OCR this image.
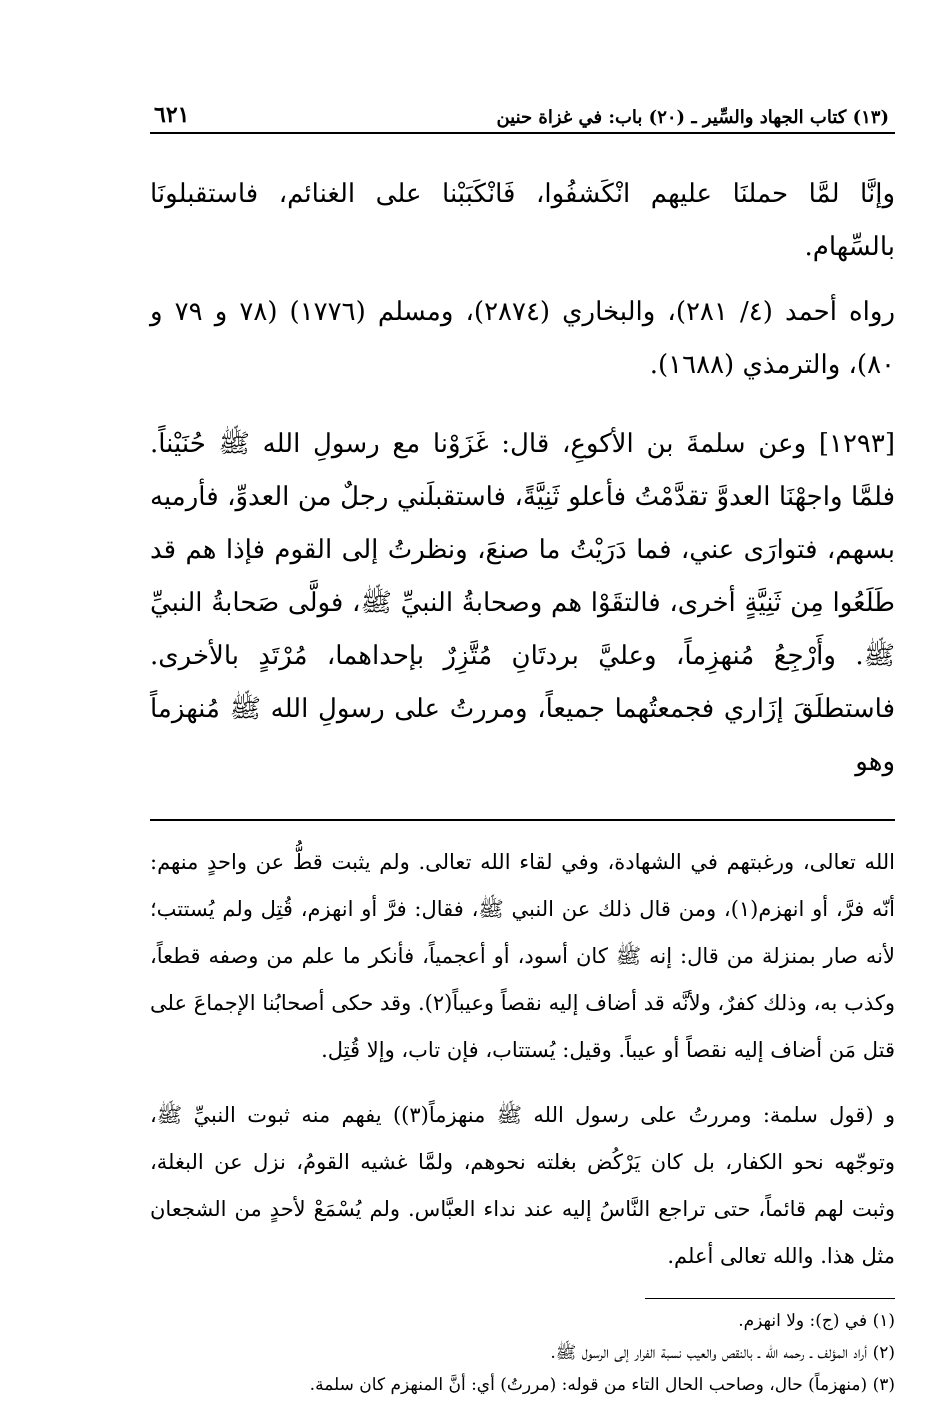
(١٣) كتاب الجهاد والسِّير ـ (٢٠) باب: في غزاة حنين
٦٢١

وإنَّا لمَّا حملنَا عليهم انْكَشفُوا، فَانْكَبَبْنا على الغنائم، فاستقبلونَا بالسِّهام.

رواه أحمد (٤/ ٢٨١)، والبخاري (٢٨٧٤)، ومسلم (١٧٧٦) (٧٨ و ٧٩ و ٨٠)، والترمذي (١٦٨٨).

[١٢٩٣] وعن سلمةَ بن الأكوعِ، قال: غَزَوْنا مع رسولِ الله ﷺ حُنَيْناً. فلمَّا واجهْنَا العدوَّ تقدَّمْتُ فأعلو ثَنِيَّةً، فاستقبلَني رجلٌ من العدوِّ، فأرميه بسهم، فتوارَى عني، فما دَرَيْتُ ما صنعَ، ونظرتُ إلى القوم فإذا هم قد طَلَعُوا مِن ثَنِيَّةٍ أخرى، فالتقَوْا هم وصحابةُ النبيِّ ﷺ، فولَّى صَحابةُ النبيِّ ﷺ. وأَرْجِعُ مُنهزِماً، وعليَّ بردتَانِ مُتَّزِرٌ بإحداهما، مُرْتَدٍ بالأخرى. فاستطلَقَ إزَاري فجمعتُهما جميعاً، ومررتُ على رسولِ الله ﷺ مُنهزماً وهو

الله تعالى، ورغبتهم في الشهادة، وفي لقاء الله تعالى. ولم يثبت قطُّ عن واحدٍ منهم: أنّه فرَّ، أو انهزم(١)، ومن قال ذلك عن النبي ﷺ، فقال: فرَّ أو انهزم، قُتِل ولم يُستتب؛ لأنه صار بمنزلة من قال: إنه ﷺ كان أسود، أو أعجمياً، فأنكر ما علم من وصفه قطعاً، وكذب به، وذلك كفرٌ، ولأنَّه قد أضاف إليه نقصاً وعيباً(٢). وقد حكى أصحابُنا الإجماعَ على قتل مَن أضاف إليه نقصاً أو عيباً. وقيل: يُستتاب، فإن تاب، وإلا قُتِل.

و (قول سلمة: ومررتُ على رسول الله ﷺ منهزماً(٣)) يفهم منه ثبوت النبيِّ ﷺ، وتوجّهه نحو الكفار، بل كان يَرْكُض بغلته نحوهم، ولمَّا غشيه القومُ، نزل عن البغلة، وثبت لهم قائماً، حتى تراجع النَّاسُ إليه عند نداء العبَّاس. ولم يُسْمَعْ لأحدٍ من الشجعان مثل هذا. والله تعالى أعلم.

(١) في (ج): ولا انهزم.
(٢) أراد المؤلف ـ رحمه الله ـ بالنقص والعيب نسبة الفرار إلى الرسول ﷺ.
(٣) (منهزماً) حال، وصاحب الحال التاء من قوله: (مررتُ) أي: أنَّ المنهزم كان سلمة.
